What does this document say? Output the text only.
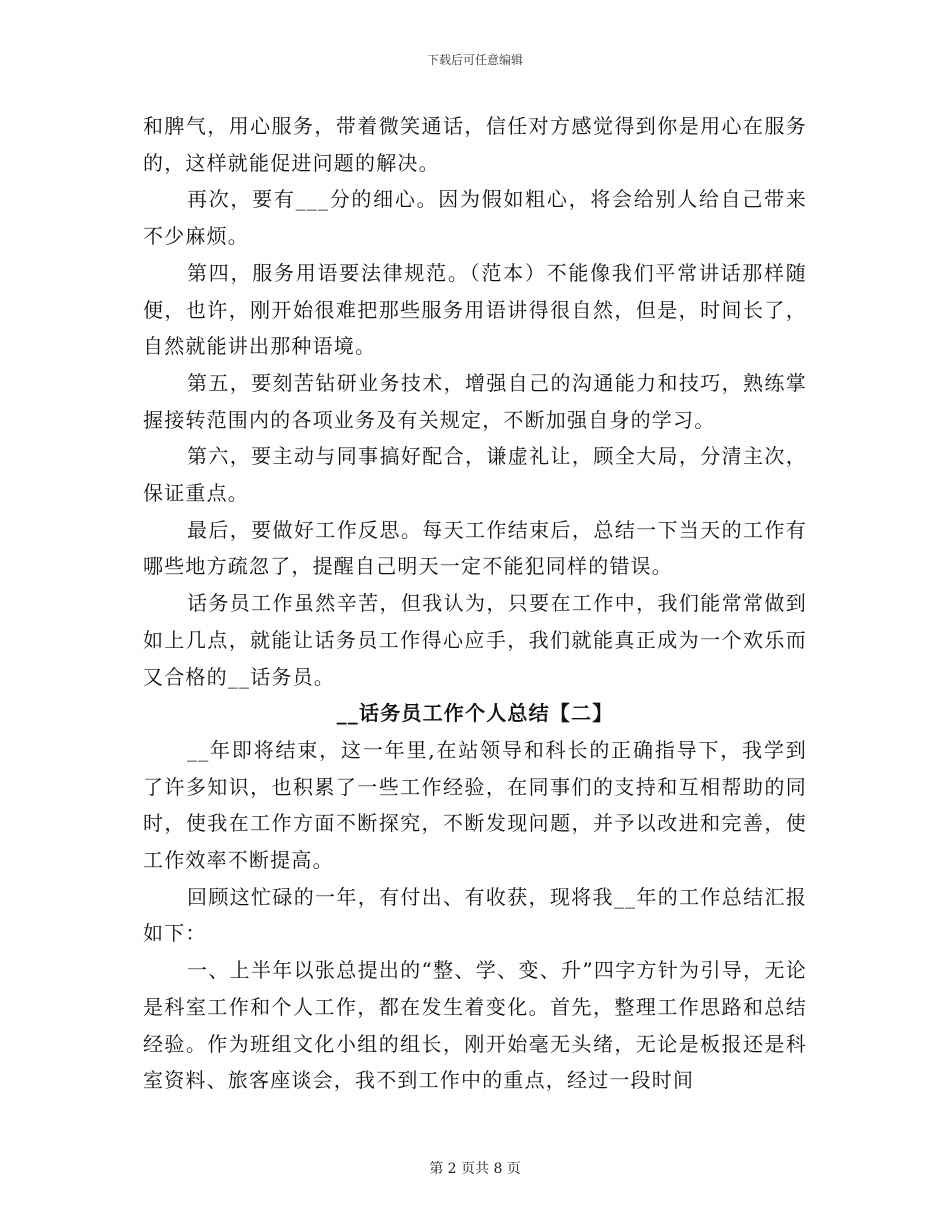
下载后可任意编辑

和脾气，用心服务，带着微笑通话，信任对方感觉得到你是用心在服务的，这样就能促进问题的解决。

再次，要有___分的细心。因为假如粗心，将会给别人给自己带来不少麻烦。

第四，服务用语要法律规范。（范本）不能像我们平常讲话那样随便，也许，刚开始很难把那些服务用语讲得很自然，但是，时间长了，自然就能讲出那种语境。

第五，要刻苦钻研业务技术，增强自己的沟通能力和技巧，熟练掌握接转范围内的各项业务及有关规定，不断加强自身的学习。

第六，要主动与同事搞好配合，谦虚礼让，顾全大局，分清主次，保证重点。

最后，要做好工作反思。每天工作结束后，总结一下当天的工作有哪些地方疏忽了，提醒自己明天一定不能犯同样的错误。

话务员工作虽然辛苦，但我认为，只要在工作中，我们能常常做到如上几点，就能让话务员工作得心应手，我们就能真正成为一个欢乐而又合格的__话务员。

__话务员工作个人总结【二】

__年即将结束，这一年里,在站领导和科长的正确指导下，我学到了许多知识，也积累了一些工作经验，在同事们的支持和互相帮助的同时，使我在工作方面不断探究，不断发现问题，并予以改进和完善，使工作效率不断提高。

回顾这忙碌的一年，有付出、有收获，现将我__年的工作总结汇报如下：

一、上半年以张总提出的“整、学、变、升”四字方针为引导，无论是科室工作和个人工作，都在发生着变化。首先，整理工作思路和总结经验。作为班组文化小组的组长，刚开始毫无头绪，无论是板报还是科室资料、旅客座谈会，我不到工作中的重点，经过一段时间

第 2 页共 8 页
